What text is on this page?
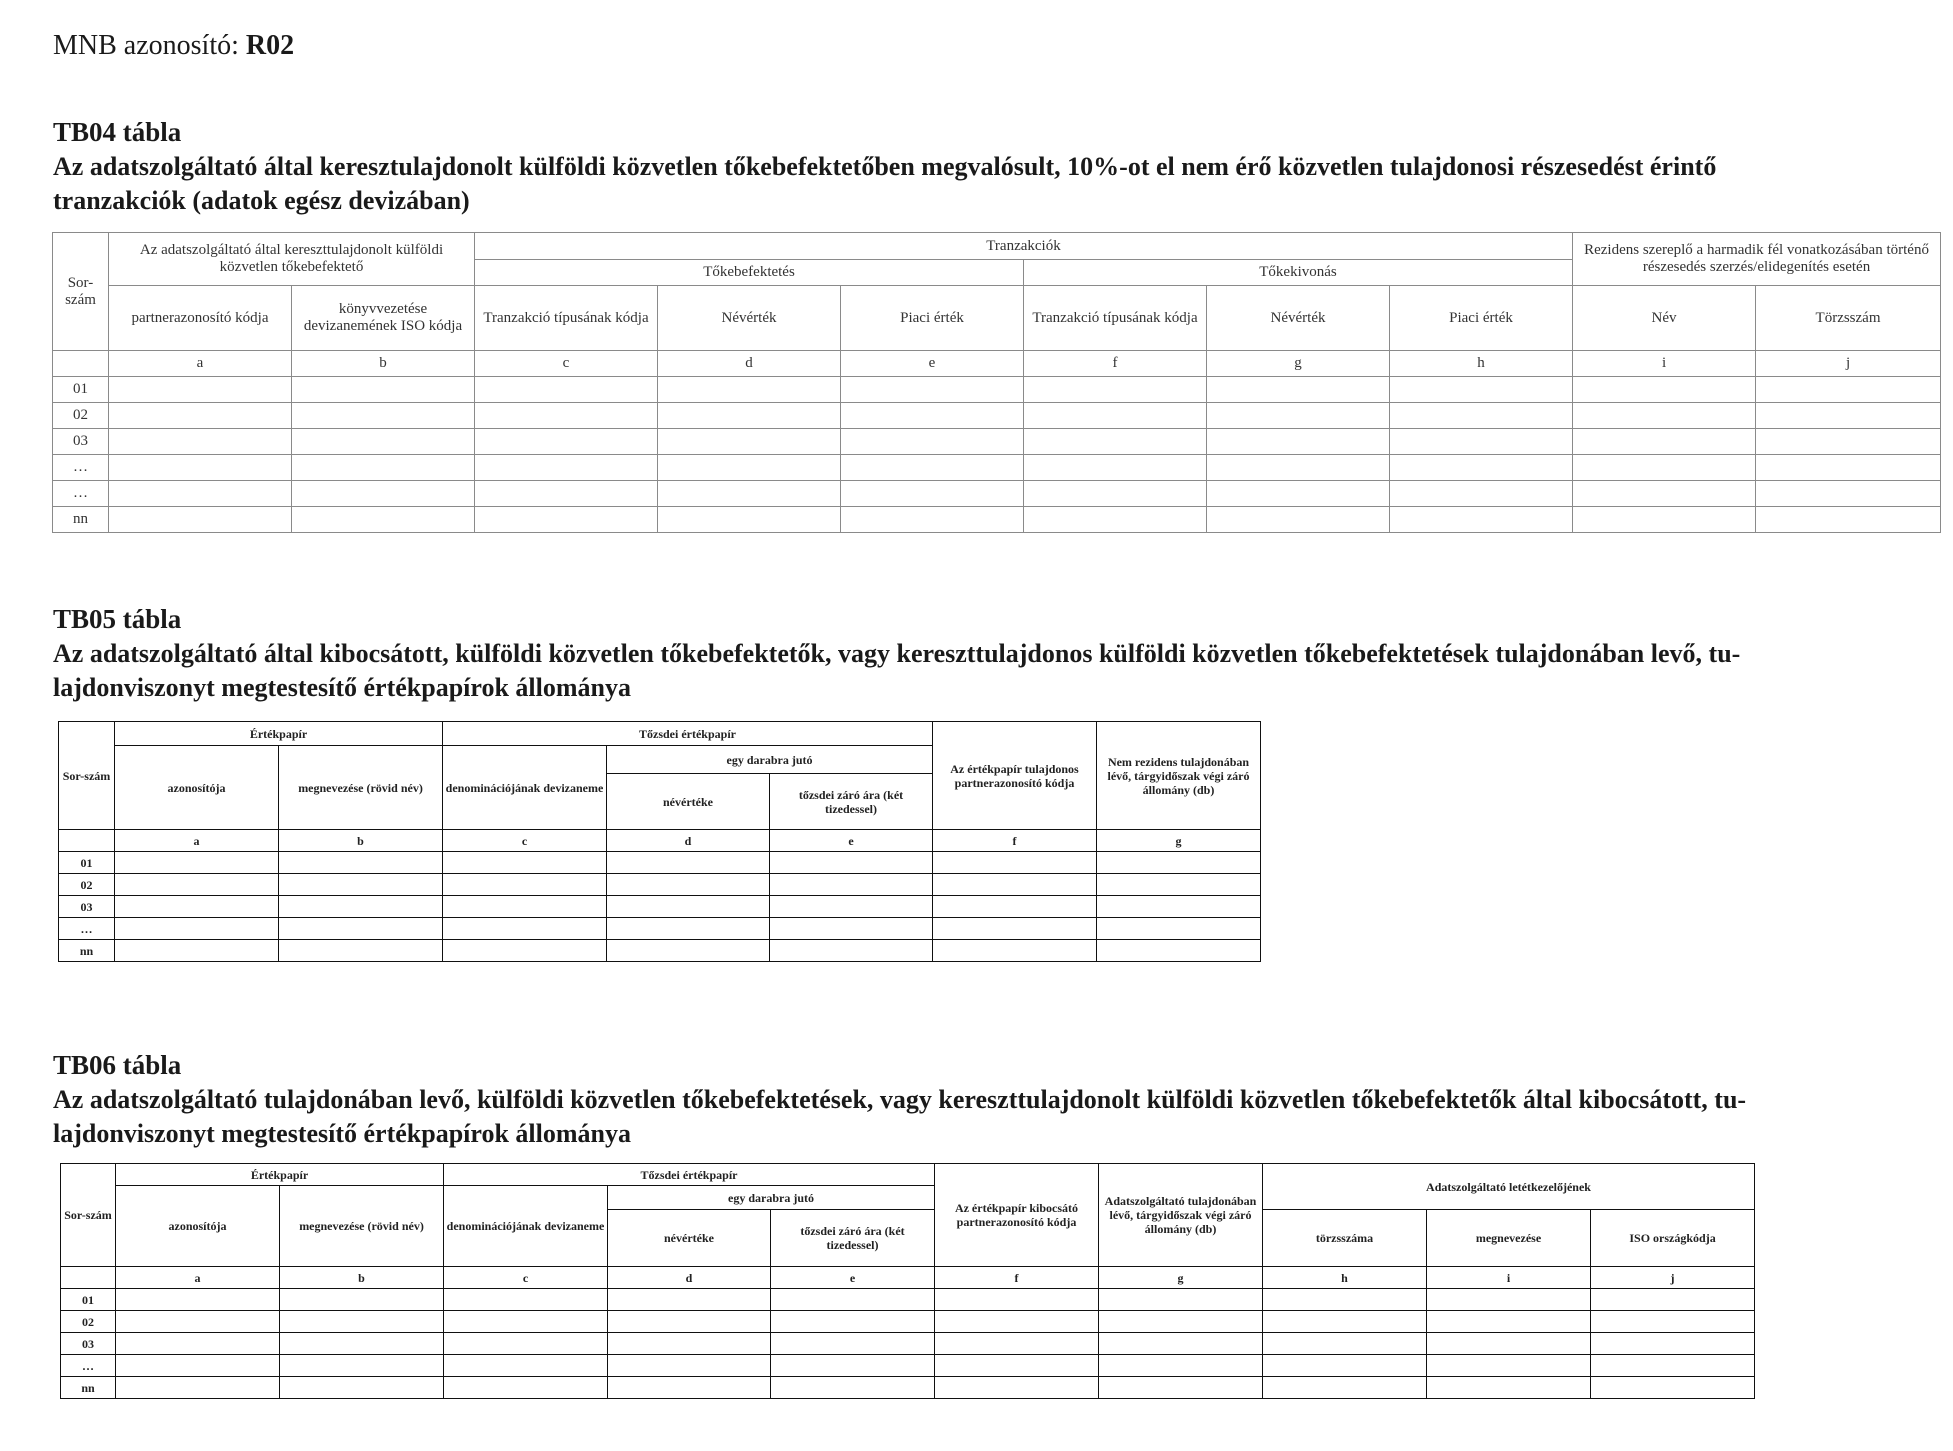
MNB azonosító: R02
TB04 tábla
Az adatszolgáltató által keresztulajdonolt külföldi közvetlen tőkebefektetőben megvalósult, 10%-ot el nem érő közvetlen tulajdonosi részesedést érintő
tranzakciók (adatok egész devizában)
Sor-szám	Az adatszolgáltató által kereszttulajdonolt külföldi közvetlen tőkebefektető		Tranzakciók						Rezidens szereplő a harmadik fél vonatkozásában történő részesedés szerzés/elidegenítés esetén	
			Tőkebefektetés			Tőkekivonás				
	partnerazonosító kódja	könyvvezetése devizanemének ISO kódja	Tranzakció típusának kódja	Névérték	Piaci érték	Tranzakció típusának kódja	Névérték	Piaci érték	Név	Törzsszám
	a	b	c	d	e	f	g	h	i	j
01										
02										
03										
…										
…										
nn										
TB05 tábla
Az adatszolgáltató által kibocsátott, külföldi közvetlen tőkebefektetők, vagy kereszttulajdonos külföldi közvetlen tőkebefektetések tulajdonában levő, tu-
lajdonviszonyt megtestesítő értékpapírok állománya
Sor-szám	Értékpapír		Tőzsdei értékpapír			Az értékpapír tulajdonos partnerazonosító kódja	Nem rezidens tulajdonában lévő, tárgyidőszak végi záró állomány (db)
	azonosítója	megnevezése (rövid név)	denominációjának devizaneme	egy darabra jutó			
				névértéke	tőzsdei záró ára (két tizedessel)		
	a	b	c	d	e	f	g
01							
02							
03							
…							
nn							
TB06 tábla
Az adatszolgáltató tulajdonában levő, külföldi közvetlen tőkebefektetések, vagy kereszttulajdonolt külföldi közvetlen tőkebefektetők által kibocsátott, tu-
lajdonviszonyt megtestesítő értékpapírok állománya
Sor-szám	Értékpapír		Tőzsdei értékpapír			Az értékpapír kibocsátó partnerazonosító kódja	Adatszolgáltató tulajdonában lévő, tárgyidőszak végi záró állomány (db)	Adatszolgáltató letétkezelőjének		
	azonosítója	megnevezése (rövid név)	denominációjának devizaneme	egy darabra jutó						
				névértéke	tőzsdei záró ára (két tizedessel)			törzsszáma	megnevezése	ISO országkódja
	a	b	c	d	e	f	g	h	i	j
01										
02										
03										
…										
nn										
